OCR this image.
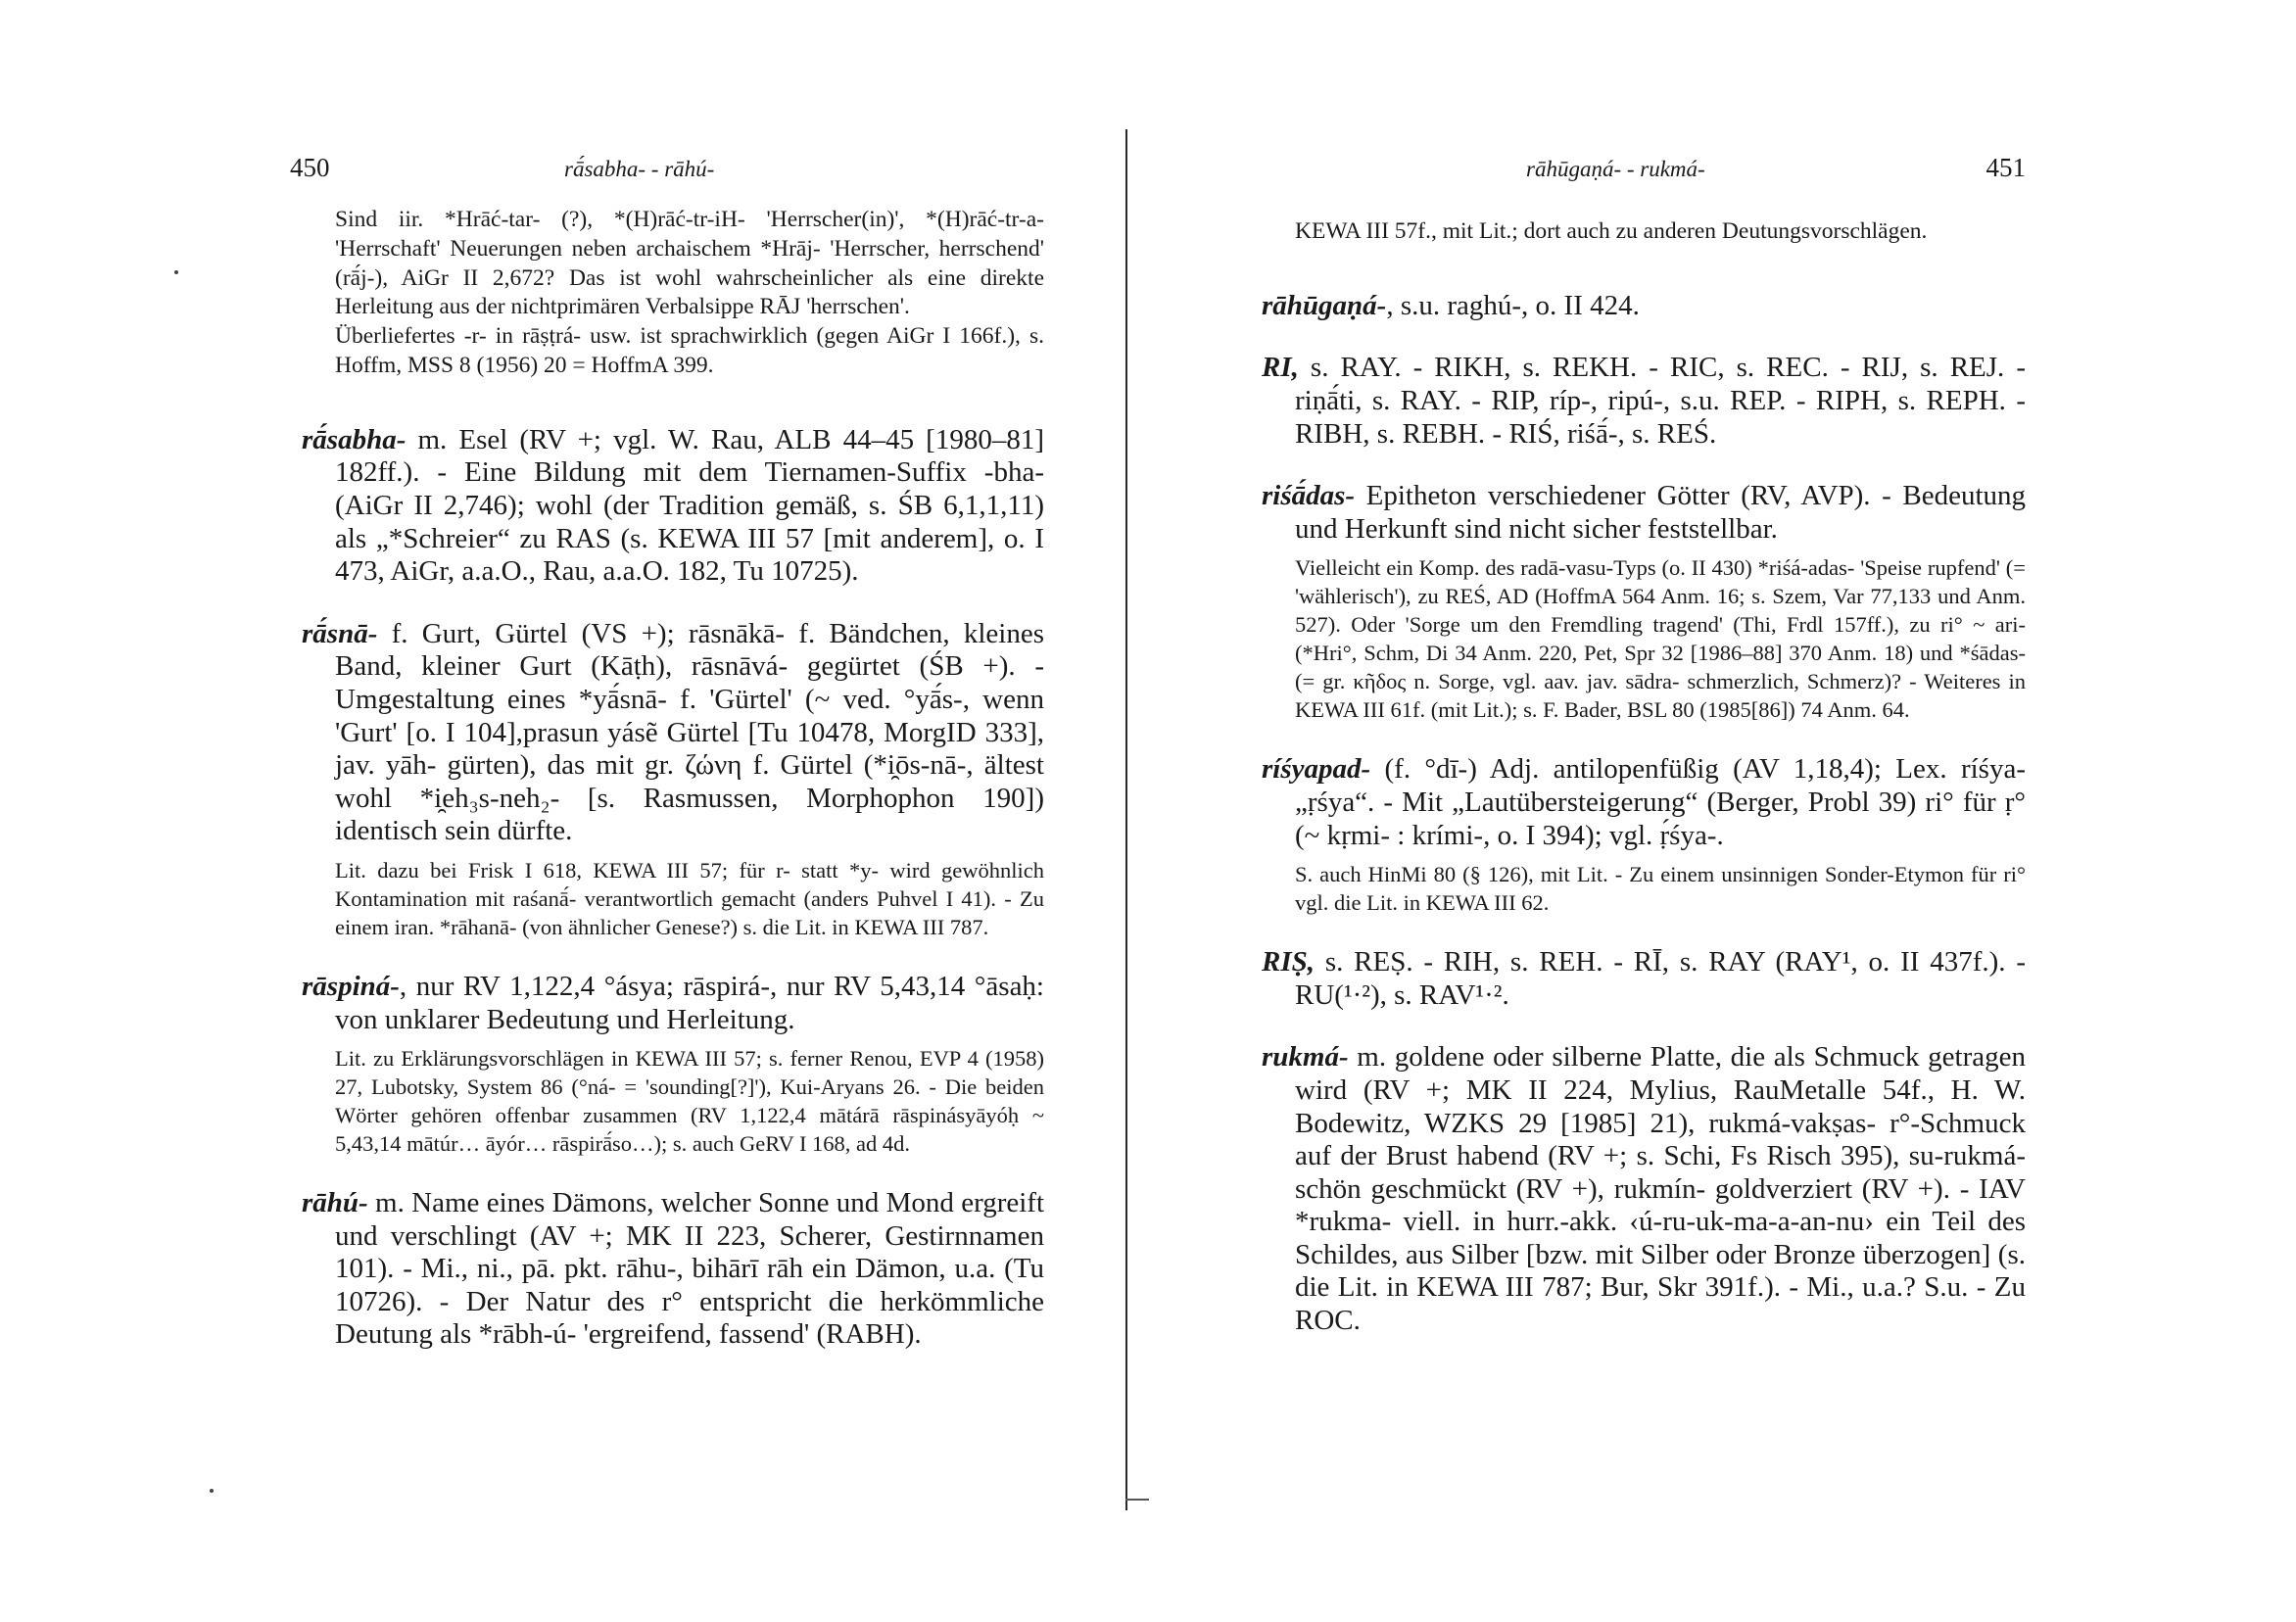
450	rā́sabha- - rāhú-

Sind iir. *Hrāć-tar- (?), *(H)rāć-tr-iH- 'Herrscher(in)', *(H)rāć-tr-a- 'Herrschaft' Neuerungen neben archaischem *Hrāj- 'Herrscher, herrschend' (rā́j-), AiGr II 2,672? Das ist wohl wahrscheinlicher als eine direkte Herleitung aus der nichtprimären Verbalsippe RĀJ 'herrschen'.

Überliefertes -r- in rāṣṭrá- usw. ist sprachwirklich (gegen AiGr I 166f.), s. Hoffm, MSS 8 (1956) 20 = HoffmA 399.

rā́sabha- m. Esel (RV +; vgl. W. Rau, ALB 44–45 [1980–81] 182ff.). - Eine Bildung mit dem Tiernamen-Suffix -bha- (AiGr II 2,746); wohl (der Tradition gemäß, s. ŚB 6,1,1,11) als „*Schreier“ zu RAS (s. KEWA III 57 [mit anderem], o. I 473, AiGr, a.a.O., Rau, a.a.O. 182, Tu 10725).

rā́snā- f. Gurt, Gürtel (VS +); rāsnākā- f. Bändchen, kleines Band, kleiner Gurt (Kāṭh), rāsnāvá- gegürtet (ŚB +). - Umgestaltung eines *yā́snā- f. 'Gürtel' (~ ved. °yā́s-, wenn 'Gurt' [o. I 104],prasun yásẽ Gürtel [Tu 10478, MorgID 333], jav. yāh- gürten), das mit gr. ζώνη f. Gürtel (*i̯ōs-nā-, ältest wohl *i̯eh₃s-neh₂- [s. Rasmussen, Morphophon 190]) identisch sein dürfte.

Lit. dazu bei Frisk I 618, KEWA III 57; für r- statt *y- wird gewöhnlich Kontamination mit raśanā́- verantwortlich gemacht (anders Puhvel I 41). - Zu einem iran. *rāhanā- (von ähnlicher Genese?) s. die Lit. in KEWA III 787.

rāspiná-, nur RV 1,122,4 °ásya; rāspirá-, nur RV 5,43,14 °āsaḥ: von unklarer Bedeutung und Herleitung.

Lit. zu Erklärungsvorschlägen in KEWA III 57; s. ferner Renou, EVP 4 (1958) 27, Lubotsky, System 86 (°ná- = 'sounding[?]'), Kui-Aryans 26. - Die beiden Wörter gehören offenbar zusammen (RV 1,122,4 mātárā rāspinásyāyóḥ ~ 5,43,14 mātúr… āyór… rāspirā́so…); s. auch GeRV I 168, ad 4d.

rāhú- m. Name eines Dämons, welcher Sonne und Mond ergreift und verschlingt (AV +; MK II 223, Scherer, Gestirnnamen 101). - Mi., ni., pā. pkt. rāhu-, bihārī rāh ein Dämon, u.a. (Tu 10726). - Der Natur des r° entspricht die herkömmliche Deutung als *rābh-ú- 'ergreifend, fassend' (RABH).

rāhūgaṇá- - rukmá-	451

KEWA III 57f., mit Lit.; dort auch zu anderen Deutungsvorschlägen.

rāhūgaṇá-, s.u. raghú-, o. II 424.

RI, s. RAY. - RIKH, s. REKH. - RIC, s. REC. - RIJ, s. REJ. - riṇā́ti, s. RAY. - RIP, ríp-, ripú-, s.u. REP. - RIPH, s. REPH. - RIBH, s. REBH. - RIŚ, riśā́-, s. REŚ.

riśā́das- Epitheton verschiedener Götter (RV, AVP). - Bedeutung und Herkunft sind nicht sicher feststellbar.

Vielleicht ein Komp. des radā-vasu-Typs (o. II 430) *riśá-adas- 'Speise rupfend' (= 'wählerisch'), zu REŚ, AD (HoffmA 564 Anm. 16; s. Szem, Var 77,133 und Anm. 527). Oder 'Sorge um den Fremdling tragend' (Thi, Frdl 157ff.), zu ri° ~ ari- (*Hri°, Schm, Di 34 Anm. 220, Pet, Spr 32 [1986–88] 370 Anm. 18) und *śādas- (= gr. κῆδος n. Sorge, vgl. aav. jav. sādra- schmerzlich, Schmerz)? - Weiteres in KEWA III 61f. (mit Lit.); s. F. Bader, BSL 80 (1985[86]) 74 Anm. 64.

ríśyapad- (f. °dī-) Adj. antilopenfüßig (AV 1,18,4); Lex. ríśya- „ṛśya“. - Mit „Lautübersteigerung“ (Berger, Probl 39) ri° für ṛ° (~ kṛmi- : krími-, o. I 394); vgl. ṛ́śya-.

S. auch HinMi 80 (§ 126), mit Lit. - Zu einem unsinnigen Sonder-Etymon für ri° vgl. die Lit. in KEWA III 62.

RIṢ, s. REṢ. - RIH, s. REH. - RĪ, s. RAY (RAY¹, o. II 437f.). - RU(¹·²), s. RAV¹·².

rukmá- m. goldene oder silberne Platte, die als Schmuck getragen wird (RV +; MK II 224, Mylius, RauMetalle 54f., H. W. Bodewitz, WZKS 29 [1985] 21), rukmá-vakṣas- r°-Schmuck auf der Brust habend (RV +; s. Schi, Fs Risch 395), su-rukmá- schön geschmückt (RV +), rukmín- goldverziert (RV +). - IAV *rukma- viell. in hurr.-akk. ‹ú-ru-uk-ma-a-an-nu› ein Teil des Schildes, aus Silber [bzw. mit Silber oder Bronze überzogen] (s. die Lit. in KEWA III 787; Bur, Skr 391f.). - Mi., u.a.? S.u. - Zu ROC.
